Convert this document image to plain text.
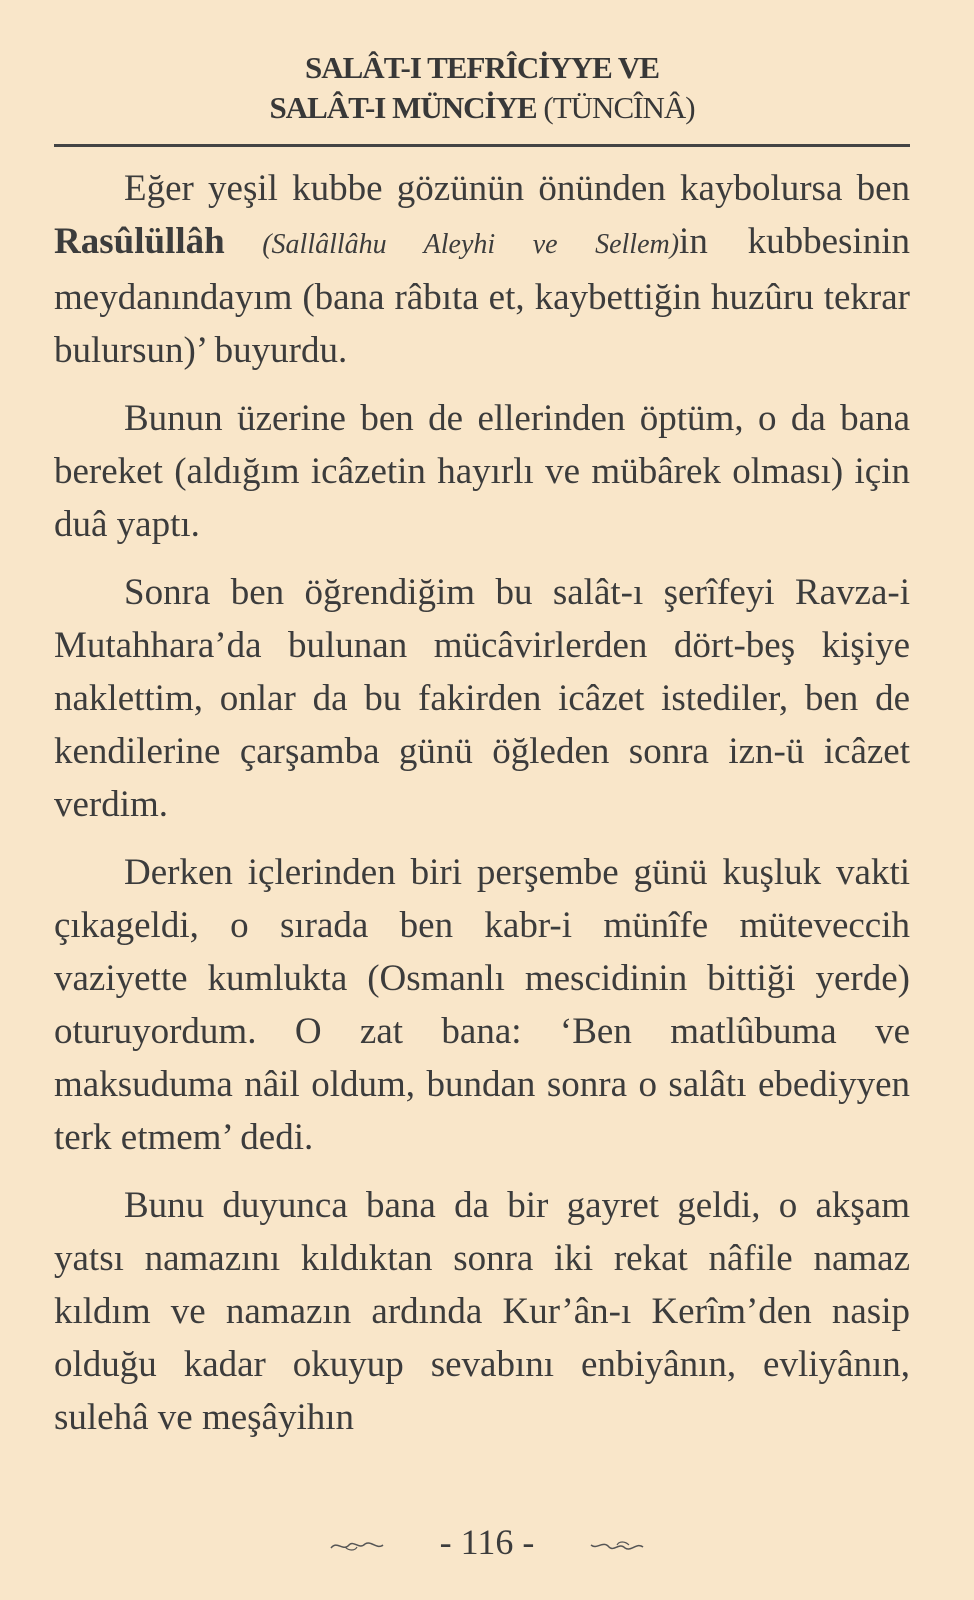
SALÂT-I TEFRÎCİYYE VE
SALÂT-I MÜNCİYE (TÜNCÎNÂ)

Eğer yeşil kubbe gözünün önünden kaybolursa ben Rasûlüllâh (Sallâllâhu Aleyhi ve Sellem)in kubbesinin meydanındayım (bana râbıta et, kaybettiğin huzûru tekrar bulursun)’ buyurdu.

Bunun üzerine ben de ellerinden öptüm, o da bana bereket (aldığım icâzetin hayırlı ve mübârek olması) için duâ yaptı.

Sonra ben öğrendiğim bu salât-ı şerîfeyi Ravza-i Mutahhara’da bulunan mücâvirlerden dört-beş kişiye naklettim, onlar da bu fakirden icâzet istediler, ben de kendilerine çarşamba günü öğleden sonra izn-ü icâzet verdim.

Derken içlerinden biri perşembe günü kuşluk vakti çıkageldi, o sırada ben kabr-i münîfe müteveccih vaziyette kumlukta (Osmanlı mescidinin bittiği yerde) oturuyordum. O zat bana: ‘Ben matlûbuma ve maksuduma nâil oldum, bundan sonra o salâtı ebediyyen terk etmem’ dedi.

Bunu duyunca bana da bir gayret geldi, o akşam yatsı namazını kıldıktan sonra iki rekat nâfile namaz kıldım ve namazın ardında Kur’ân-ı Kerîm’den nasip olduğu kadar okuyup sevabını enbiyânın, evliyânın, sulehâ ve meşâyihın

- 116 -
